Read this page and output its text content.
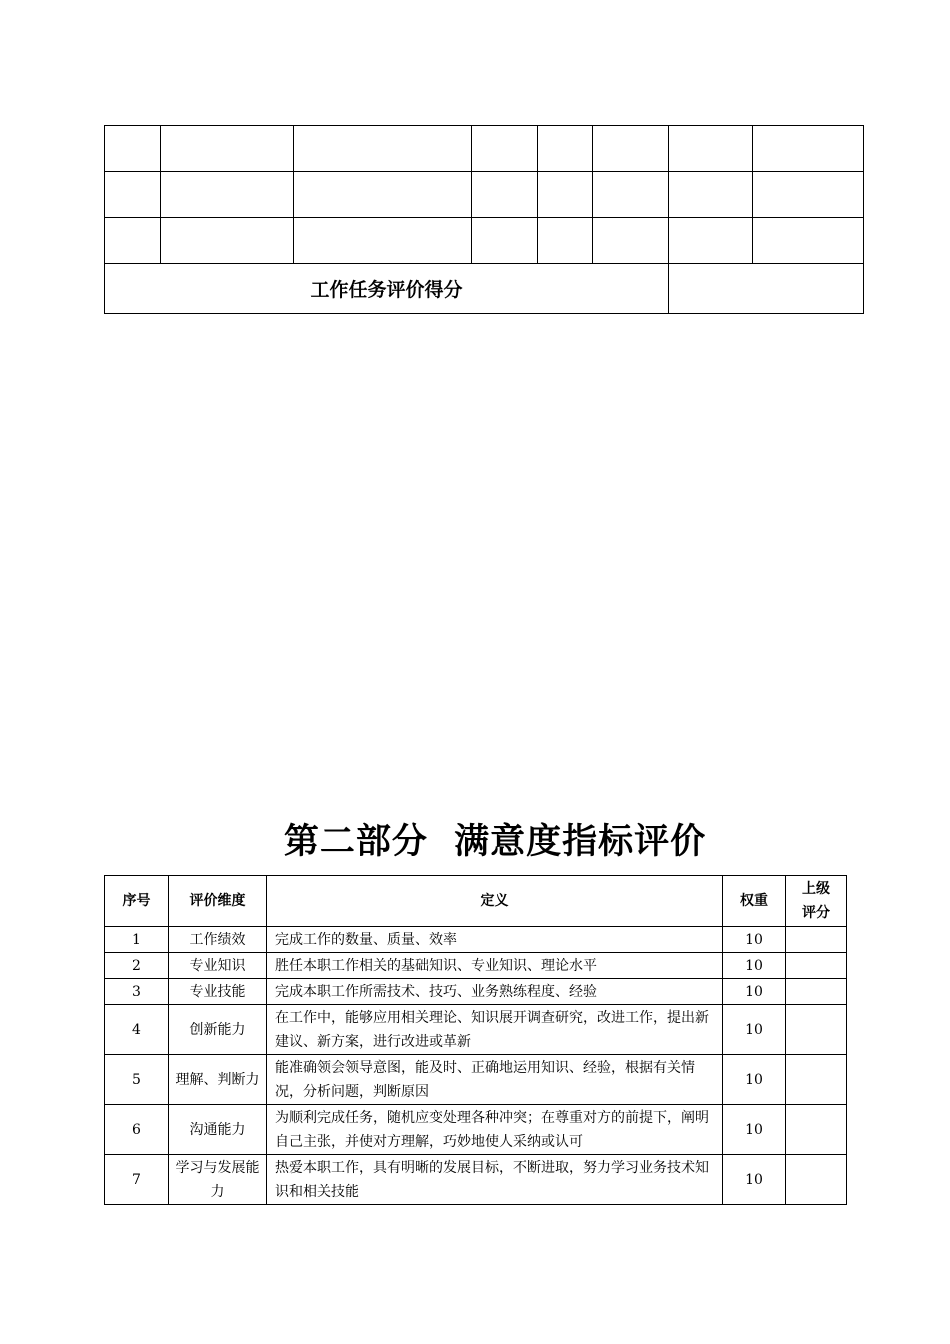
工作任务评价得分							
第二部分  满意度指标评价
序号	评价维度	定义	权重	上级
评分
1	工作绩效	完成工作的数量、质量、效率	10	
2	专业知识	胜任本职工作相关的基础知识、专业知识、理论水平	10	
3	专业技能	完成本职工作所需技术、技巧、业务熟练程度、经验	10	
4	创新能力	在工作中，能够应用相关理论、知识展开调查研究，改进工作，提出新建议、新方案，进行改进或革新	10	
5	理解、判断力	能准确领会领导意图，能及时、正确地运用知识、经验，根据有关情况，分析问题，判断原因	10	
6	沟通能力	为顺利完成任务，随机应变处理各种冲突；在尊重对方的前提下，阐明自己主张，并使对方理解，巧妙地使人采纳或认可	10	
7	学习与发展能力	热爱本职工作，具有明晰的发展目标，不断进取，努力学习业务技术知识和相关技能	10	
